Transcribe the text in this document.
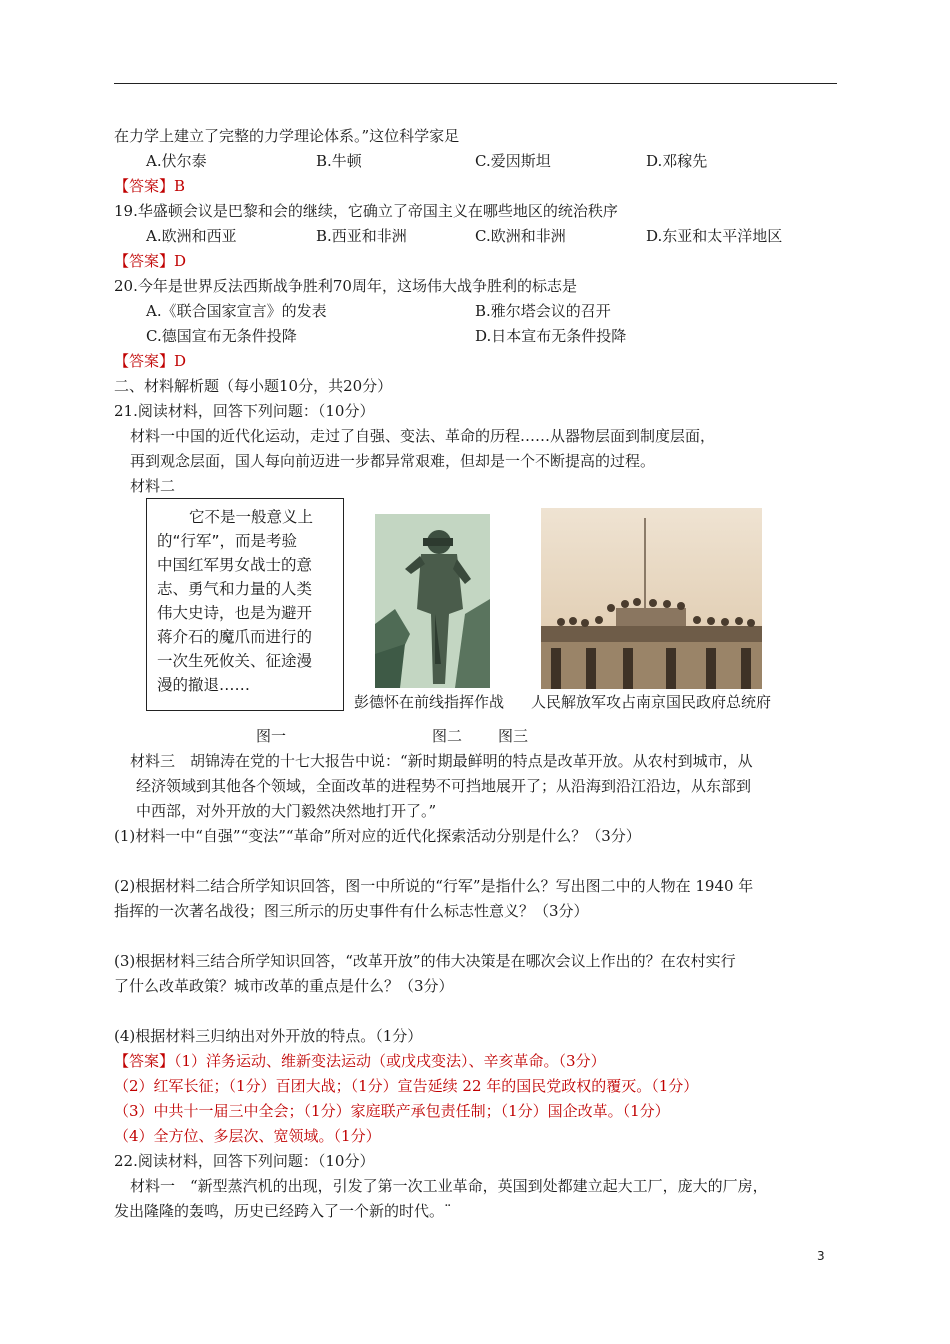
在力学上建立了完整的力学理论体系。”这位科学家足
A.伏尔泰	B.牛顿	C.爱因斯坦	D.邓稼先
【答案】B
19.华盛顿会议是巴黎和会的继续，它确立了帝国主义在哪些地区的统治秩序
A.欧洲和西亚	B.西亚和非洲	C.欧洲和非洲	D.东亚和太平洋地区
【答案】D
20.今年是世界反法西斯战争胜利70周年，这场伟大战争胜利的标志是
A.《联合国家宣言》的发表	B.雅尔塔会议的召开
C.德国宣布无条件投降	D.日本宣布无条件投降
【答案】D
二、材料解析题（每小题10分，共20分）
21.阅读材料，回答下列问题：（10分）
材料一中国的近代化运动，走过了自强、变法、革命的历程……从器物层面到制度层面，
再到观念层面，国人每向前迈进一步都异常艰难，但却是一个不断提高的过程。
材料二

它不是一般意义上

的“行军”，而是考验

中国红军男女战士的意

志、勇气和力量的人类

伟大史诗，也是为避开

蒋介石的魔爪而进行的

一次生死攸关、征途漫

漫的撤退……

彭德怀在前线指挥作战 人民解放军攻占南京国民政府总统府
图一	图二 图三
材料三　胡锦涛在党的十七大报告中说：“新时期最鲜明的特点是改革开放。从农村到城市，从
经济领域到其他各个领域，全面改革的进程势不可挡地展开了；从沿海到沿江沿边，从东部到
中西部，对外开放的大门毅然决然地打开了。”
(1)材料一中“自强”“变法”“革命”所对应的近代化探索活动分别是什么？（3分）
(2)根据材料二结合所学知识回答，图一中所说的“行军”是指什么？写出图二中的人物在 1940 年
指挥的一次著名战役；图三所示的历史事件有什么标志性意义？（3分）
(3)根据材料三结合所学知识回答，“改革开放”的伟大决策是在哪次会议上作出的？在农村实行
了什么改革政策？城市改革的重点是什么？（3分）
(4)根据材料三归纳出对外开放的特点。（1分）
【答案】（1）洋务运动、维新变法运动（或戊戌变法）、辛亥革命。（3分）
（2）红军长征；（1分）百团大战；（1分）宣告延续 22 年的国民党政权的覆灭。（1分）
（3）中共十一届三中全会；（1分）家庭联产承包责任制；（1分）国企改革。（1分）
（4）全方位、多层次、宽领域。（1分）
22.阅读材料，回答下列问题：（10分）
材料一　“新型蒸汽机的出现，引发了第一次工业革命，英国到处都建立起大工厂，庞大的厂房，
发出隆隆的轰鸣，历史已经跨入了一个新的时代。¨
3
